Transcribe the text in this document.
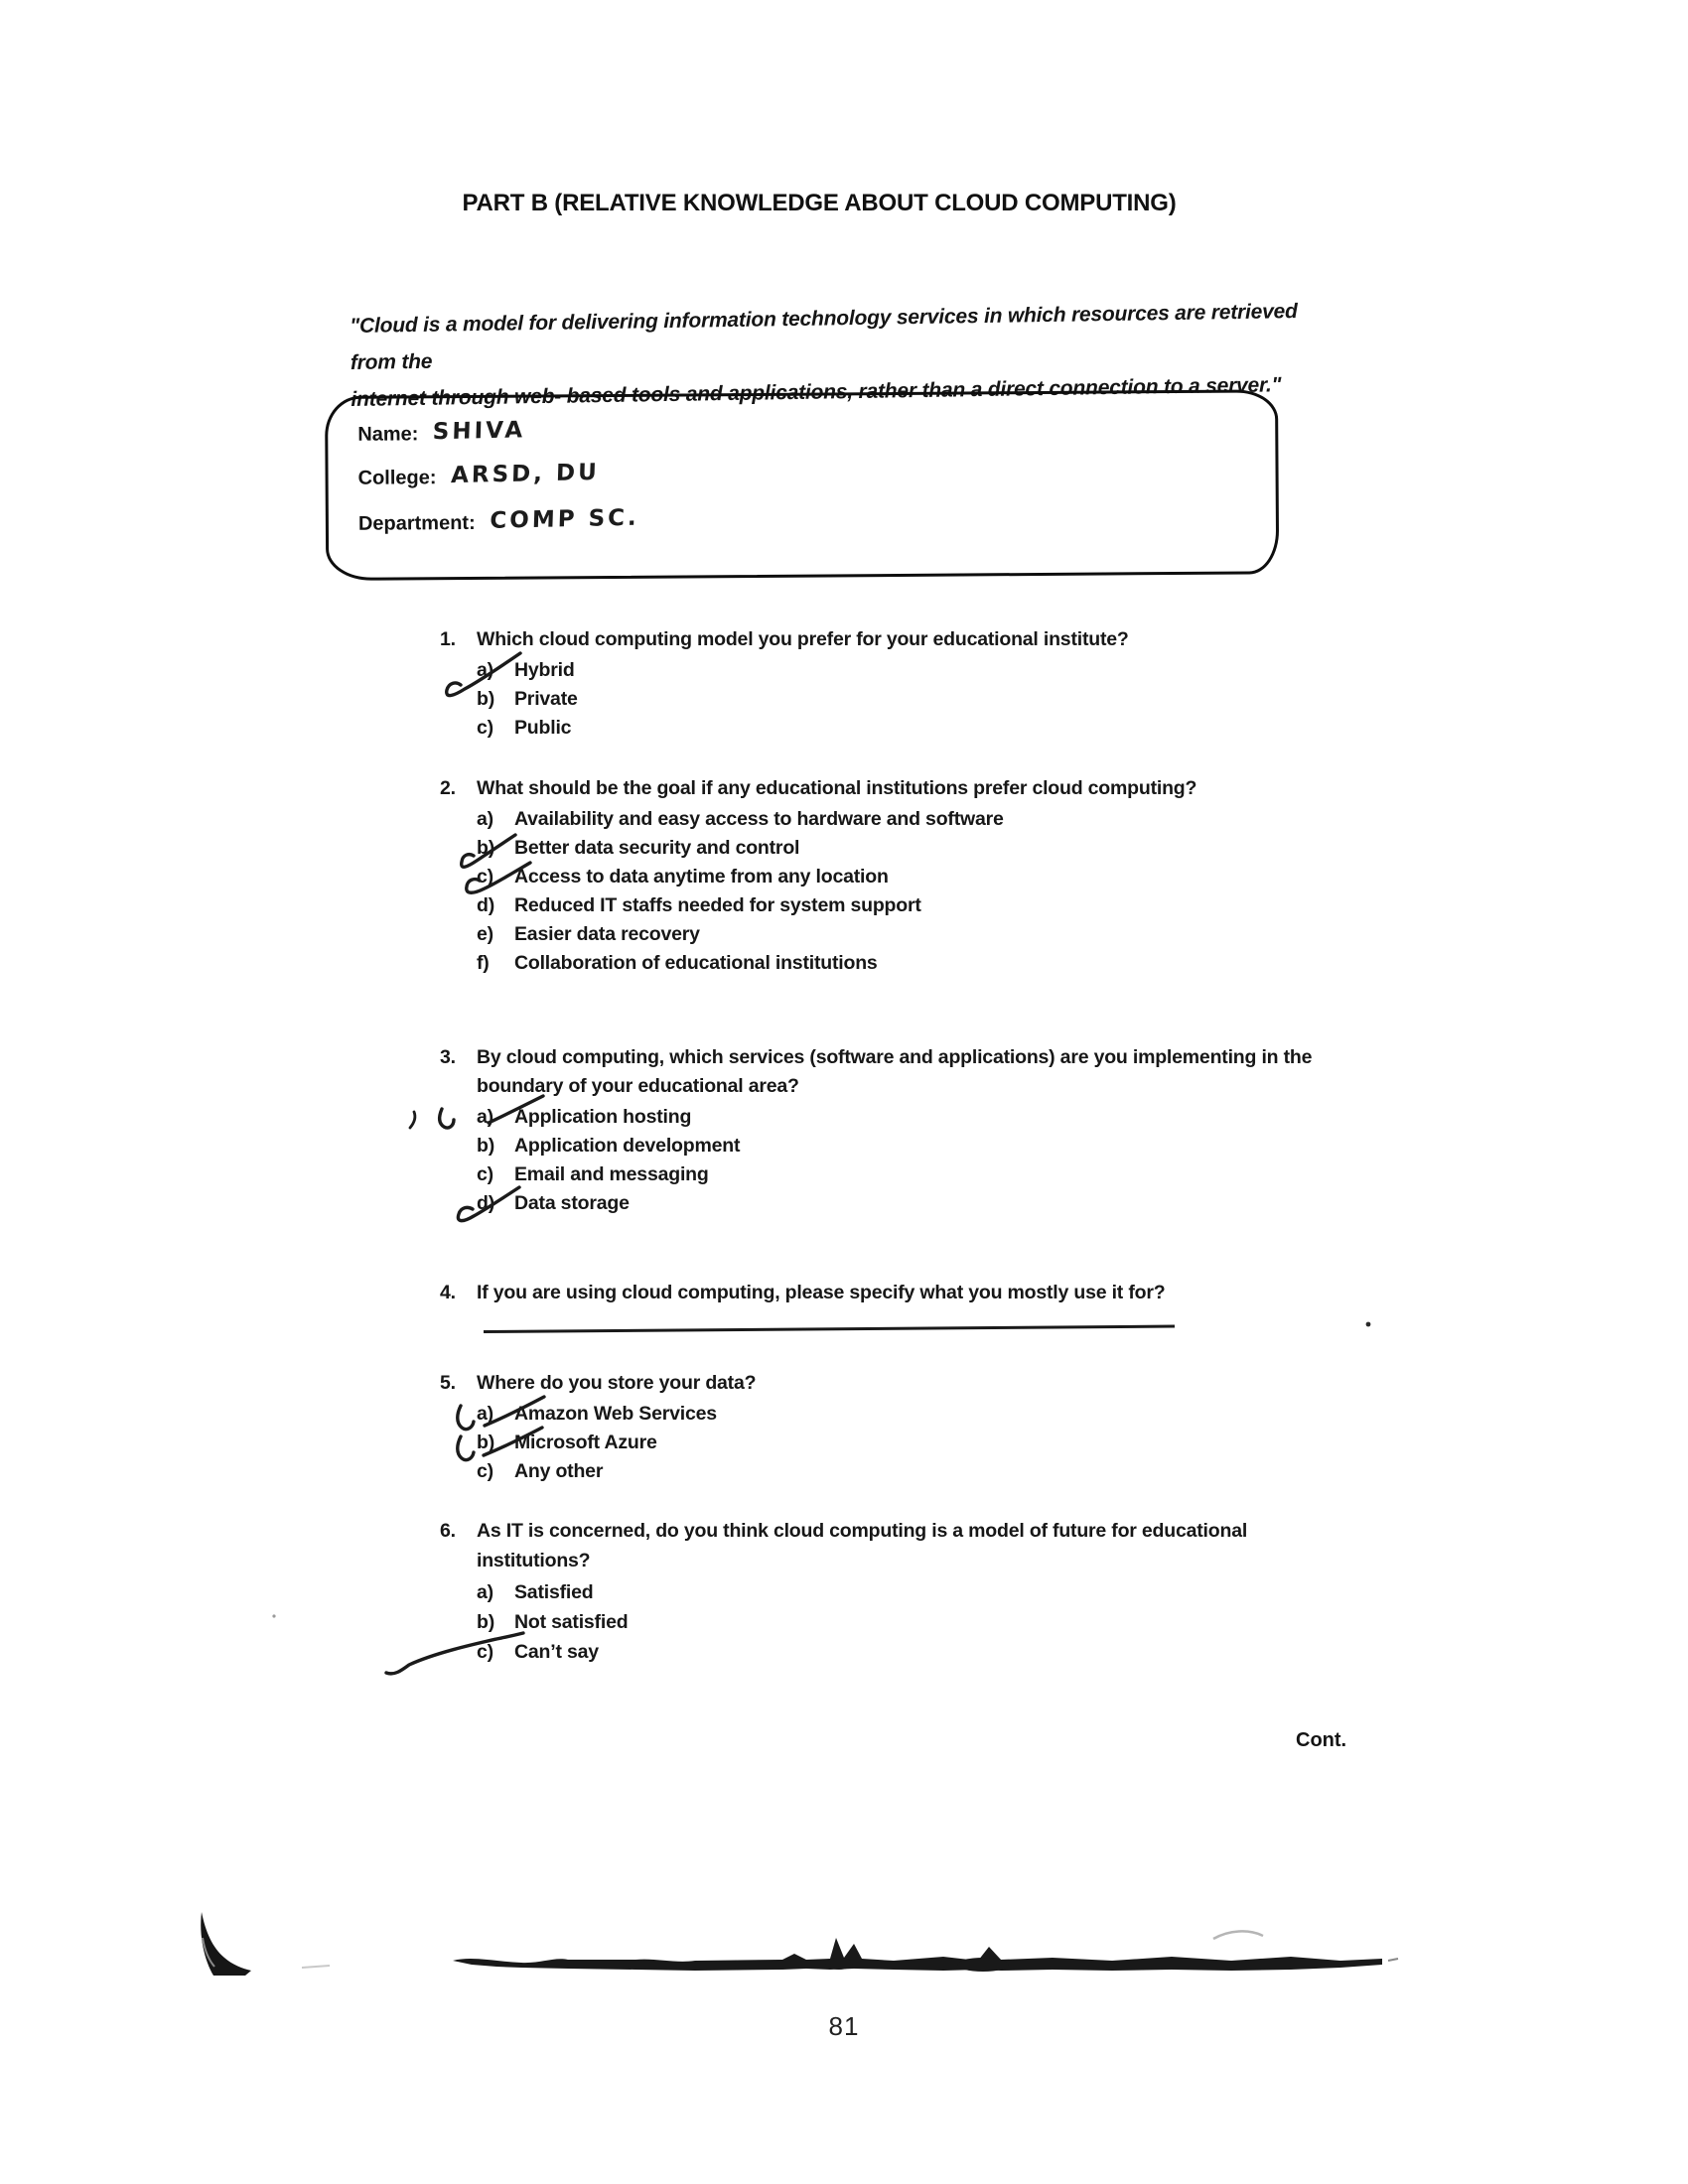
PART B (RELATIVE KNOWLEDGE ABOUT CLOUD COMPUTING)
"Cloud is a model for delivering information technology services in which resources are retrieved from the
internet through web- based tools and applications, rather than a direct connection to a server."
Name: SHIVA
College: ARSD, DU
Department: COMP SC.
1.	Which cloud computing model you prefer for your educational institute?
a)	Hybrid
b)	Private
c)	Public
2.	What should be the goal if any educational institutions prefer cloud computing?
a)	Availability and easy access to hardware and software
b)	Better data security and control
c)	Access to data anytime from any location
d)	Reduced IT staffs needed for system support
e)	Easier data recovery
f)	Collaboration of educational institutions
3.	By cloud computing, which services (software and applications) are you implementing in the
boundary of your educational area?
a)	Application hosting
b)	Application development
c)	Email and messaging
d)	Data storage
4.	If you are using cloud computing, please specify what you mostly use it for?
5.	Where do you store your data?
a)	Amazon Web Services
b)	Microsoft Azure
c)	Any other
6.	As IT is concerned, do you think cloud computing is a model of future for educational
institutions?
a)	Satisfied
b)	Not satisfied
c)	Can’t say
Cont.
81
